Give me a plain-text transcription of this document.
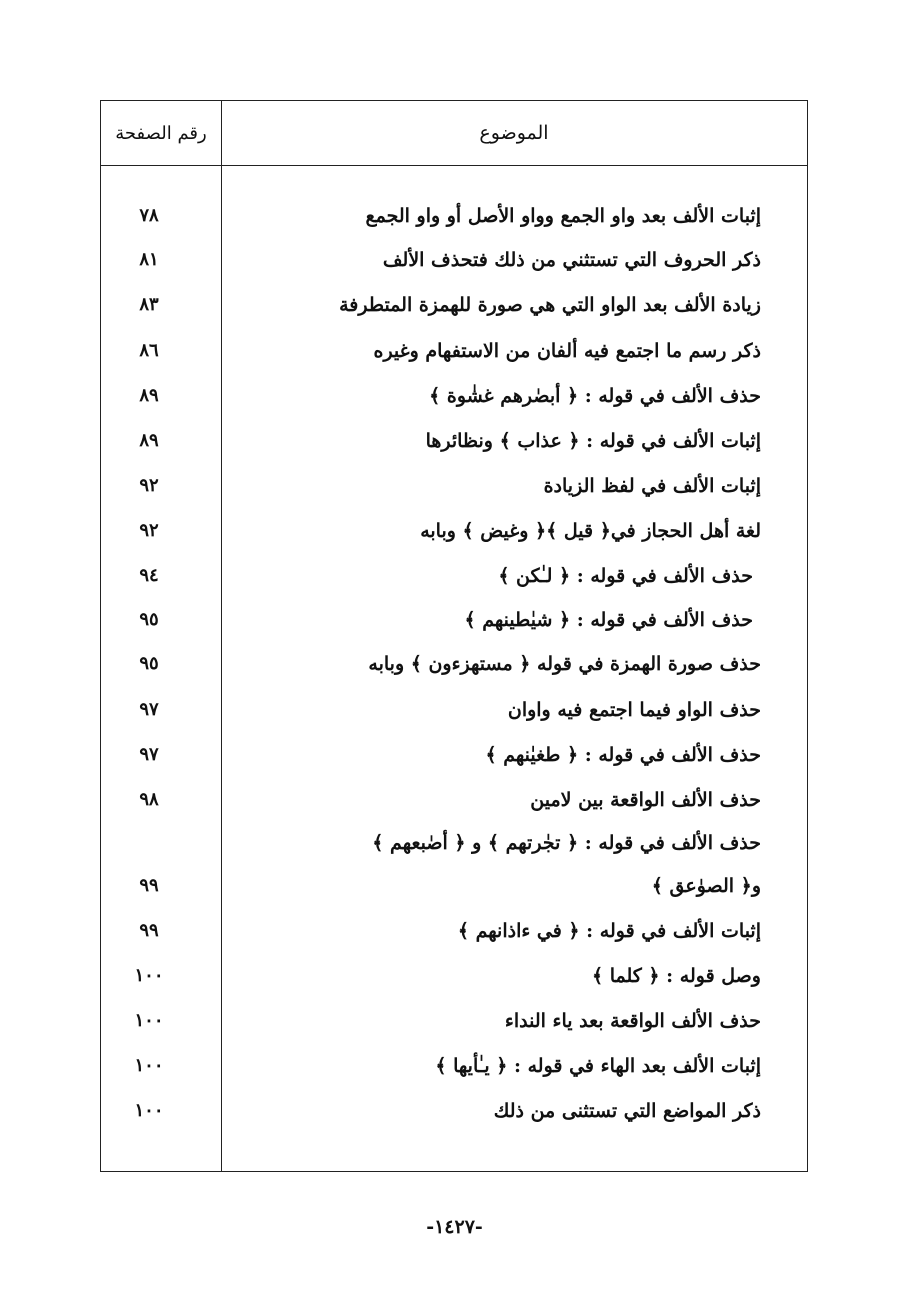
رقم الصفحة	الموضوع
إثبات الألف بعد واو الجمع وواو الأصل أو واو الجمع
٧٨
ذكر الحروف التي تستثني من ذلك فتحذف الألف
٨١
زيادة الألف بعد الواو التي هي صورة للهمزة المتطرفة
٨٣
ذكر رسم ما اجتمع فيه ألفان من الاستفهام وغيره
٨٦
حذف الألف في قوله : ﴿ أبصٰرهم غشٰوة ﴾
٨٩
إثبات الألف في قوله : ﴿ عذاب ﴾ ونظائرها
٨٩
إثبات الألف في لفظ الزيادة
٩٢
لغة أهل الحجاز في﴿ قيل ﴾﴿ وغيض ﴾ وبابه
٩٢
حذف الألف في قوله : ﴿ لـٰكن ﴾
٩٤
حذف الألف في قوله : ﴿ شيٰطينهم ﴾
٩٥
حذف صورة الهمزة في قوله ﴿ مستهزءون ﴾ وبابه
٩٥
حذف الواو فيما اجتمع فيه واوان
٩٧
حذف الألف في قوله : ﴿ طغيٰنهم ﴾
٩٧
حذف الألف الواقعة بين لامين
٩٨
حذف الألف في قوله : ﴿ تجٰرتهم ﴾ و ﴿ أصٰبعهم ﴾
و﴿ الصوٰعق ﴾
٩٩
إثبات الألف في قوله : ﴿ في ءاذانهم ﴾
٩٩
وصل قوله : ﴿ كلما ﴾
١٠٠
حذف الألف الواقعة بعد ياء النداء
١٠٠
إثبات الألف بعد الهاء في قوله : ﴿ يـٰأيها ﴾
١٠٠
ذكر المواضع التي تستثنى من ذلك
١٠٠
-١٤٢٧-
